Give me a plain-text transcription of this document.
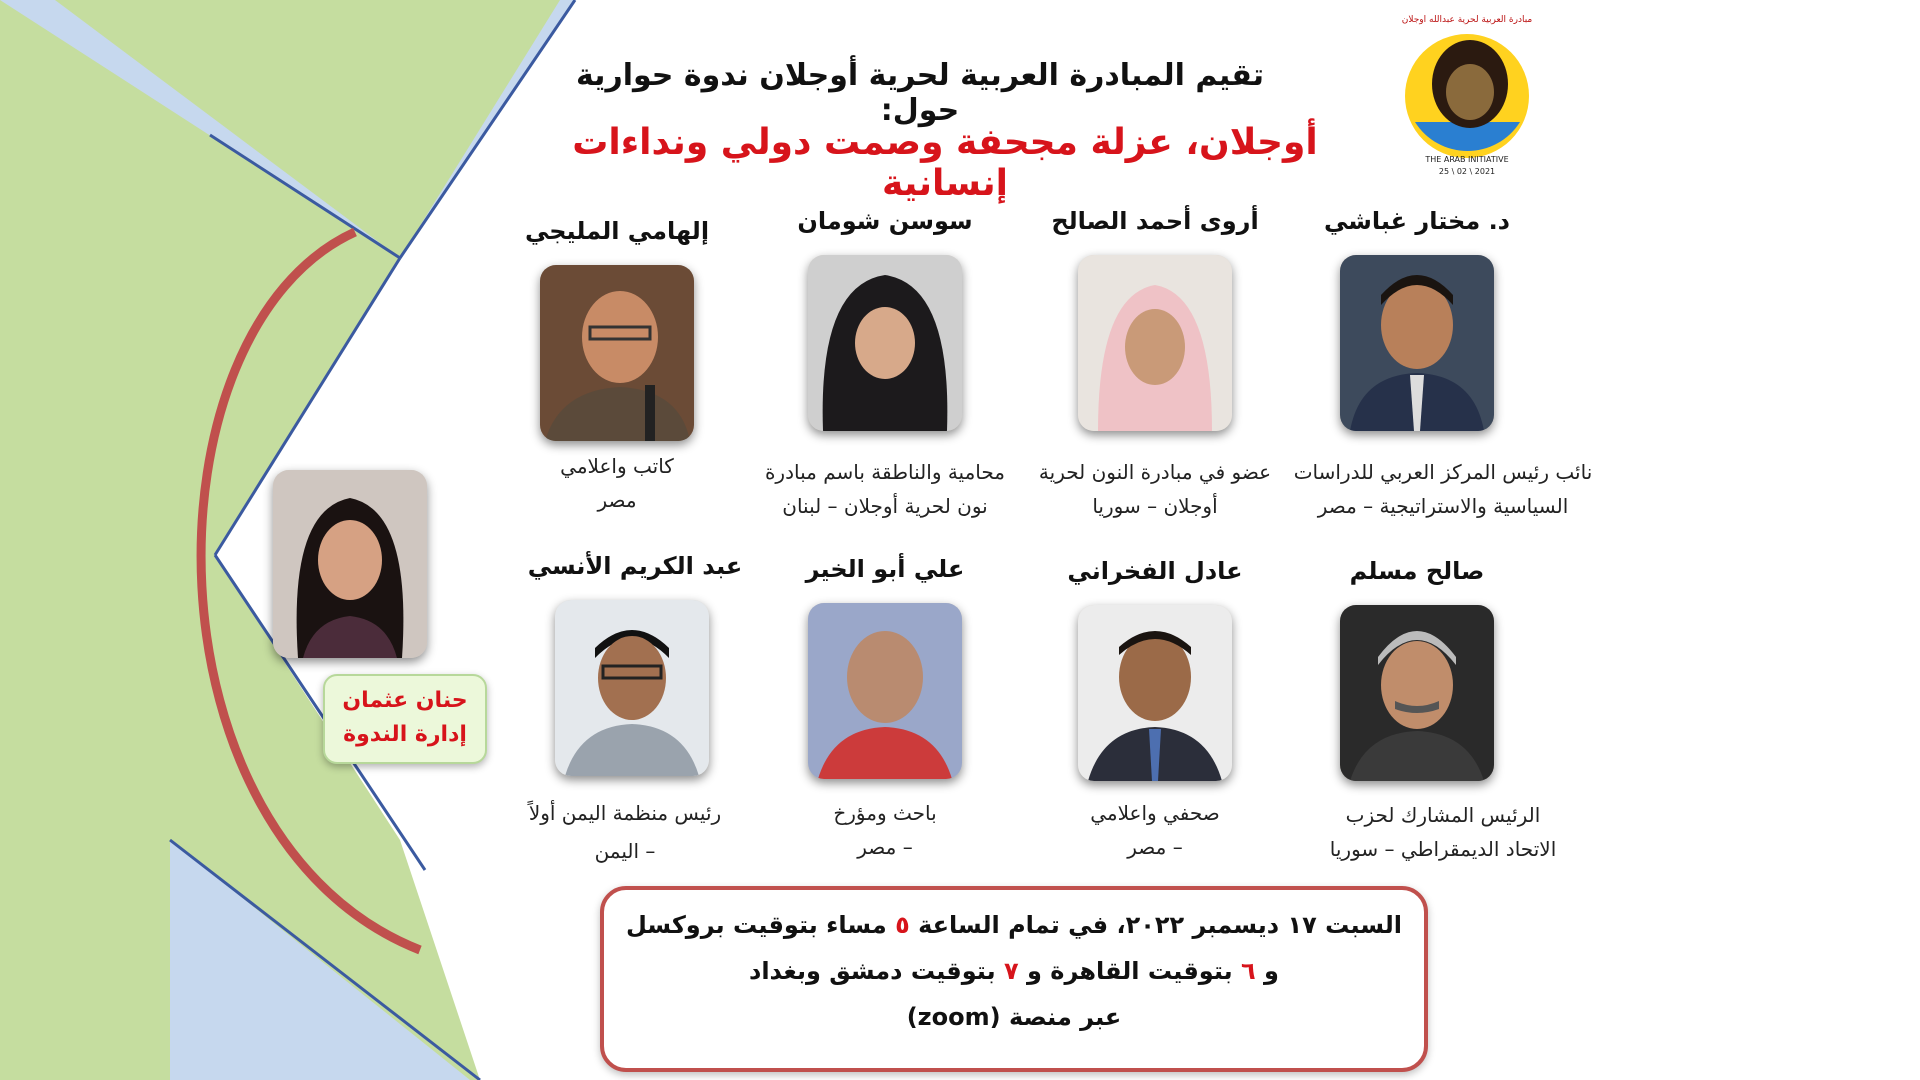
مبادرة العربية لحرية عبدالله اوجلان
THE ARAB INITIATIVE
25 \ 02 \ 2021
تقيم المبادرة العربية لحرية أوجلان ندوة حوارية حول:
أوجلان، عزلة مجحفة وصمت دولي ونداءات إنسانية
د. مختار غباشي
نائب رئيس المركز العربي للدراسات
السياسية والاستراتيجية – مصر
أروى أحمد الصالح
عضو في مبادرة النون لحرية
أوجلان – سوريا
سوسن شومان
محامية والناطقة باسم مبادرة
نون لحرية أوجلان – لبنان
إلهامي المليجي
كاتب واعلامي
مصر
صالح مسلم
الرئيس المشارك لحزب
الاتحاد الديمقراطي – سوريا
عادل الفخراني
صحفي واعلامي
– مصر
علي أبو الخير
باحث ومؤرخ
– مصر
عبد الكريم الأنسي
رئيس منظمة اليمن أولاً
– اليمن
حنان عثمان
إدارة الندوة
السبت ١٧ ديسمبر ٢٠٢٢، في تمام الساعة ٥ مساء بتوقيت بروكسل
و ٦ بتوقيت القاهرة و ٧ بتوقيت دمشق وبغداد
عبر منصة (zoom)
